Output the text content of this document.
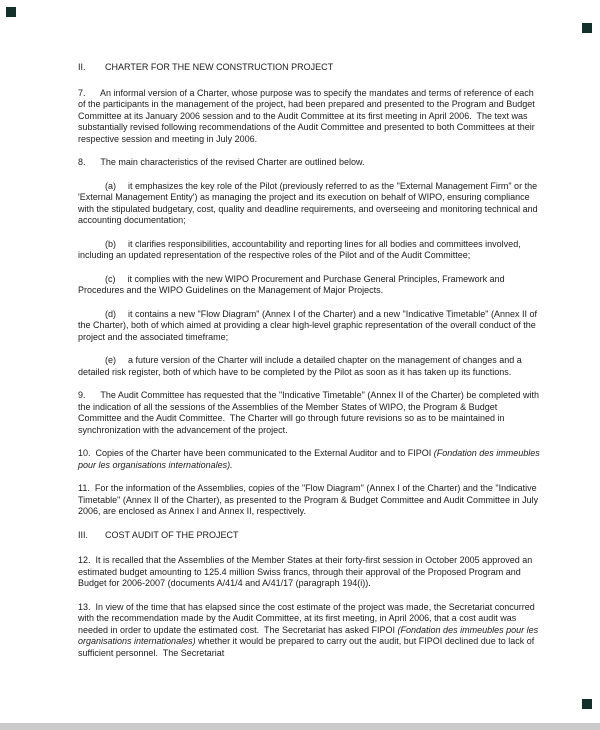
II. CHARTER FOR THE NEW CONSTRUCTION PROJECT

7.      An informal version of a Charter, whose purpose was to specify the mandates and terms of reference of each of the participants in the management of the project, had been prepared and presented to the Program and Budget Committee at its January 2006 session and to the Audit Committee at its first meeting in April 2006.  The text was substantially revised following recommendations of the Audit Committee and presented to both Committees at their respective session and meeting in July 2006.

8.      The main characteristics of the revised Charter are outlined below.

(a) it emphasizes the key role of the Pilot (previously referred to as the "External Management Firm" or the 'External Management Entity') as managing the project and its execution on behalf of WIPO, ensuring compliance with the stipulated budgetary, cost, quality and deadline requirements, and overseeing and monitoring technical and accounting documentation;

(b) it clarifies responsibilities, accountability and reporting lines for all bodies and committees involved, including an updated representation of the respective roles of the Pilot and of the Audit Committee;

(c) it complies with the new WIPO Procurement and Purchase General Principles, Framework and Procedures and the WIPO Guidelines on the Management of Major Projects.

(d) it contains a new "Flow Diagram" (Annex I of the Charter) and a new "Indicative Timetable" (Annex II of the Charter), both of which aimed at providing a clear high-level graphic representation of the overall conduct of the project and the associated timeframe;

(e) a future version of the Charter will include a detailed chapter on the management of changes and a detailed risk register, both of which have to be completed by the Pilot as soon as it has taken up its functions.

9.      The Audit Committee has requested that the "Indicative Timetable" (Annex II of the Charter) be completed with the indication of all the sessions of the Assemblies of the Member States of WIPO, the Program & Budget Committee and the Audit Committee.  The Charter will go through future revisions so as to be maintained in synchronization with the advancement of the project.

10.  Copies of the Charter have been communicated to the External Auditor and to FIPOI (Fondation des immeubles pour les organisations internationales).

11.  For the information of the Assemblies, copies of the "Flow Diagram" (Annex I of the Charter) and the "Indicative Timetable" (Annex II of the Charter), as presented to the Program & Budget Committee and Audit Committee in July 2006, are enclosed as Annex I and Annex II, respectively.

III. COST AUDIT OF THE PROJECT

12.  It is recalled that the Assemblies of the Member States at their forty-first session in October 2005 approved an estimated budget amounting to 125.4 million Swiss francs, through their approval of the Proposed Program and Budget for 2006-2007 (documents A/41/4 and A/41/17 (paragraph 194(i)).

13.  In view of the time that has elapsed since the cost estimate of the project was made, the Secretariat concurred with the recommendation made by the Audit Committee, at its first meeting, in April 2006, that a cost audit was needed in order to update the estimated cost.  The Secretariat has asked FIPOI (Fondation des immeubles pour les organisations internationales) whether it would be prepared to carry out the audit, but FIPOI declined due to lack of sufficient personnel.  The Secretariat
